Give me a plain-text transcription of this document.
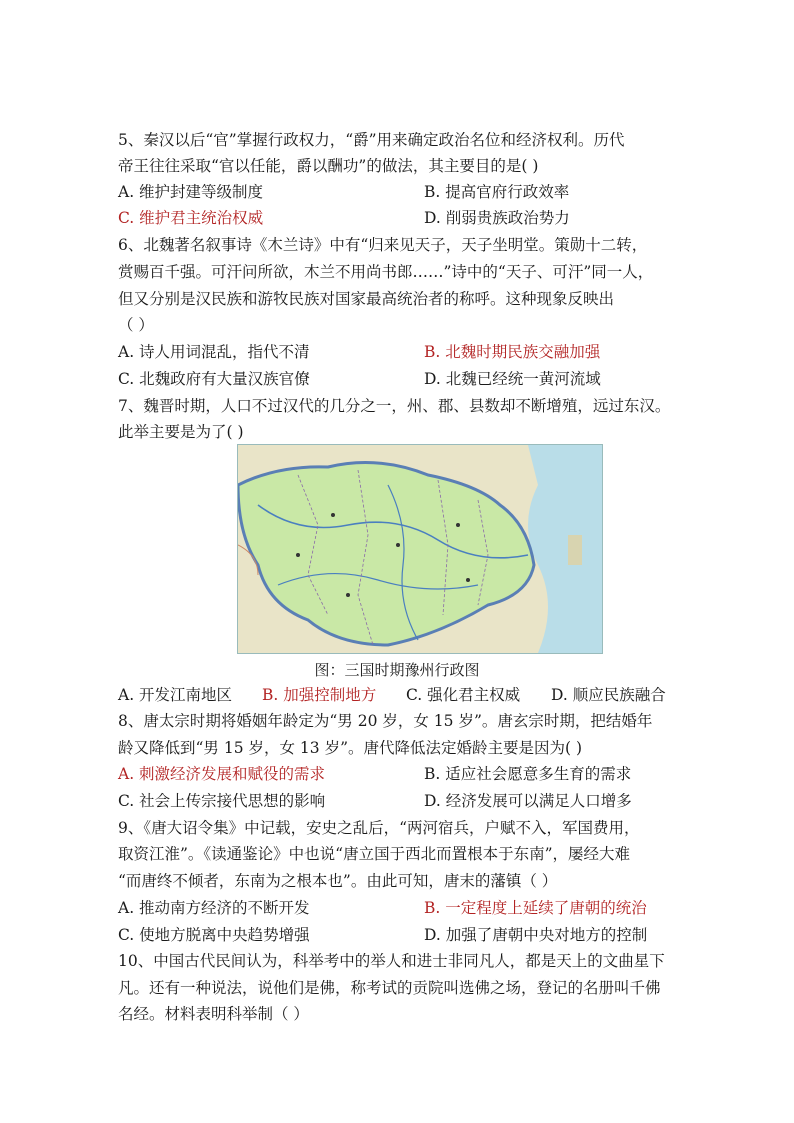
5、秦汉以后“官”掌握行政权力，“爵”用来确定政治名位和经济权利。历代
帝王往往采取“官以任能，爵以酬功”的做法，其主要目的是( )
A. 维护封建等级制度	B. 提高官府行政效率
C. 维护君主统治权威	D. 削弱贵族政治势力
6、北魏著名叙事诗《木兰诗》中有“归来见天子，天子坐明堂。策勋十二转，
赏赐百千强。可汗问所欲，木兰不用尚书郎……”诗中的“天子、可汗”同一人，
但又分别是汉民族和游牧民族对国家最高统治者的称呼。这种现象反映出
（ ）
A. 诗人用词混乱，指代不清	B. 北魏时期民族交融加强
C. 北魏政府有大量汉族官僚	D. 北魏已经统一黄河流域
7、魏晋时期，人口不过汉代的几分之一，州、郡、县数却不断增殖，远过东汉。
此举主要是为了( )
图：三国时期豫州行政图
A. 开发江南地区 B. 加强控制地方 C. 强化君主权威 D. 顺应民族融合
8、唐太宗时期将婚姻年龄定为“男 20 岁，女 15 岁”。唐玄宗时期，把结婚年
龄又降低到“男 15 岁，女 13 岁”。唐代降低法定婚龄主要是因为( )
A. 刺激经济发展和赋役的需求	B. 适应社会愿意多生育的需求
C. 社会上传宗接代思想的影响	D. 经济发展可以满足人口增多
9、《唐大诏令集》中记载，安史之乱后，“两河宿兵，户赋不入，军国费用，
取资江淮”。《读通鉴论》中也说“唐立国于西北而置根本于东南”，屡经大难
“而唐终不倾者，东南为之根本也”。由此可知，唐末的藩镇（ ）
A. 推动南方经济的不断开发	B. 一定程度上延续了唐朝的统治
C. 使地方脱离中央趋势增强	D. 加强了唐朝中央对地方的控制
10、中国古代民间认为，科举考中的举人和进士非同凡人，都是天上的文曲星下
凡。还有一种说法，说他们是佛，称考试的贡院叫选佛之场，登记的名册叫千佛
名经。材料表明科举制（ ）
